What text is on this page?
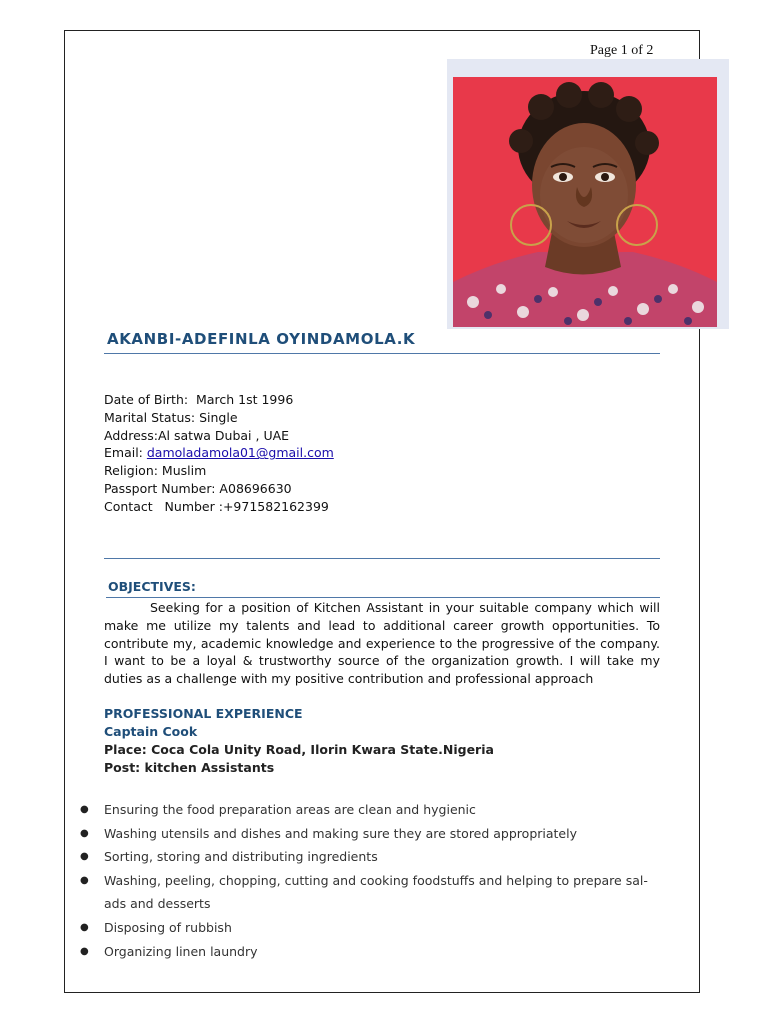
Page 1 of 2
AKANBI-ADEFINLA OYINDAMOLA.K
Date of Birth:  March 1st 1996
Marital Status: Single
Address:Al satwa Dubai , UAE
Email: damoladamola01@gmail.com
Religion: Muslim
Passport Number: A08696630
Contact   Number :+971582162399
OBJECTIVES:
Seeking for a position of Kitchen Assistant in your suitable company which will make me utilize my talents and lead to additional career growth opportunities. To contribute my, academic knowledge and experience to the progressive of the company. I want to be a loyal & trustworthy source of the organization growth. I will take my duties as a challenge with my positive contribution and professional approach
PROFESSIONAL EXPERIENCE
Captain Cook
Place: Coca Cola Unity Road, Ilorin Kwara State.Nigeria
Post: kitchen Assistants
● Ensuring the food preparation areas are clean and hygienic
● Washing utensils and dishes and making sure they are stored appropriately
● Sorting, storing and distributing ingredients
● Washing, peeling, chopping, cutting and cooking foodstuffs and helping to prepare sal-
ads and desserts
● Disposing of rubbish
● Organizing linen laundry
